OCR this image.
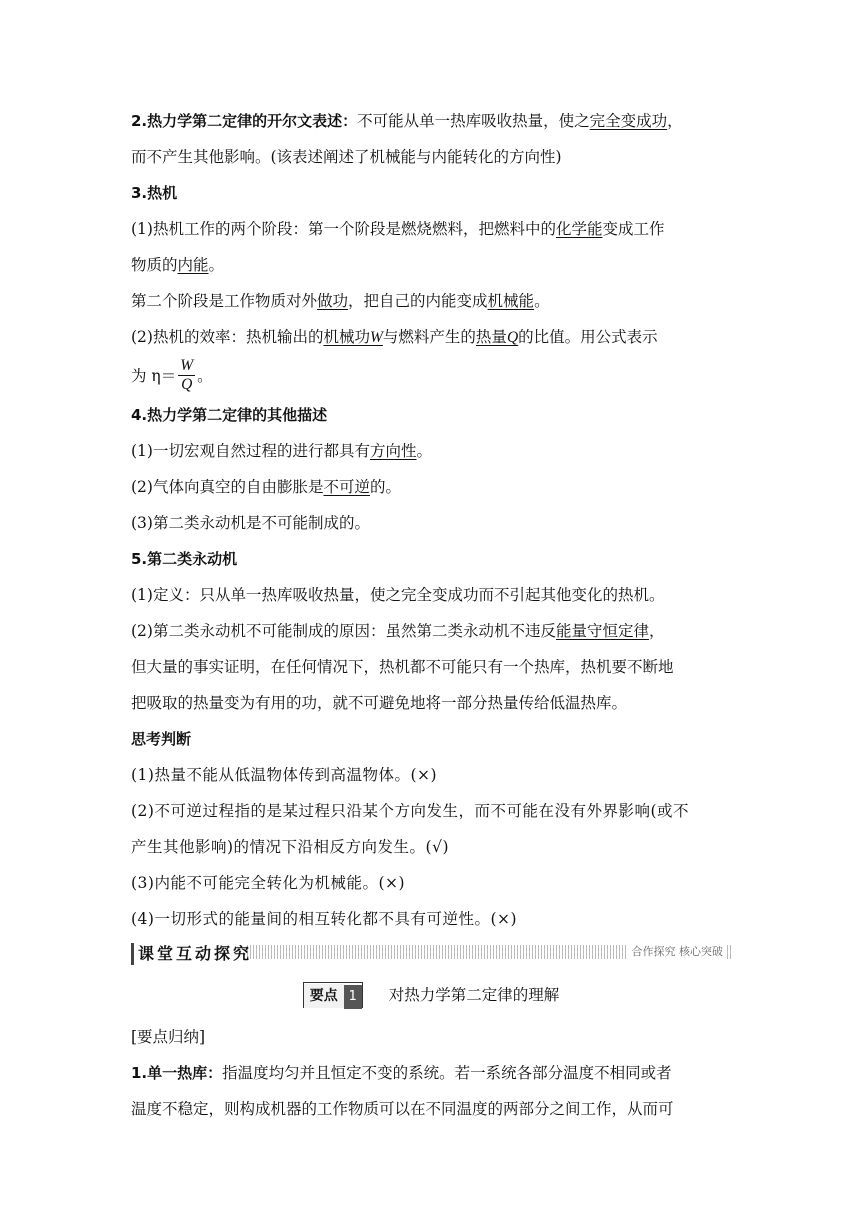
2.热力学第二定律的开尔文表述：不可能从单一热库吸收热量，使之完全变成功，
而不产生其他影响。(该表述阐述了机械能与内能转化的方向性)
3.热机
(1)热机工作的两个阶段：第一个阶段是燃烧燃料，把燃料中的化学能变成工作
物质的内能。
第二个阶段是工作物质对外做功，把自己的内能变成机械能。
(2)热机的效率：热机输出的机械功W与燃料产生的热量Q的比值。用公式表示
为 $\eta= \frac{W}{Q}$ 。
4.热力学第二定律的其他描述
(1)一切宏观自然过程的进行都具有方向性。
(2)气体向真空的自由膨胀是不可逆的。
(3)第二类永动机是不可能制成的。
5.第二类永动机
(1)定义：只从单一热库吸收热量，使之完全变成功而不引起其他变化的热机。
(2)第二类永动机不可能制成的原因：虽然第二类永动机不违反能量守恒定律，
但大量的事实证明，在任何情况下，热机都不可能只有一个热库，热机要不断地
把吸取的热量变为有用的功，就不可避免地将一部分热量传给低温热库。
思考判断
(1)热量不能从低温物体传到高温物体。(×)
(2)不可逆过程指的是某过程只沿某个方向发生，而不可能在没有外界影响(或不
产生其他影响)的情况下沿相反方向发生。(√)
(3)内能不可能完全转化为机械能。(×)
(4)一切形式的能量间的相互转化都不具有可逆性。(×)
课堂互动探究	合作探究 核心突破
要点 1 对热力学第二定律的理解
[要点归纳]
1.单一热库：指温度均匀并且恒定不变的系统。若一系统各部分温度不相同或者
温度不稳定，则构成机器的工作物质可以在不同温度的两部分之间工作，从而可
